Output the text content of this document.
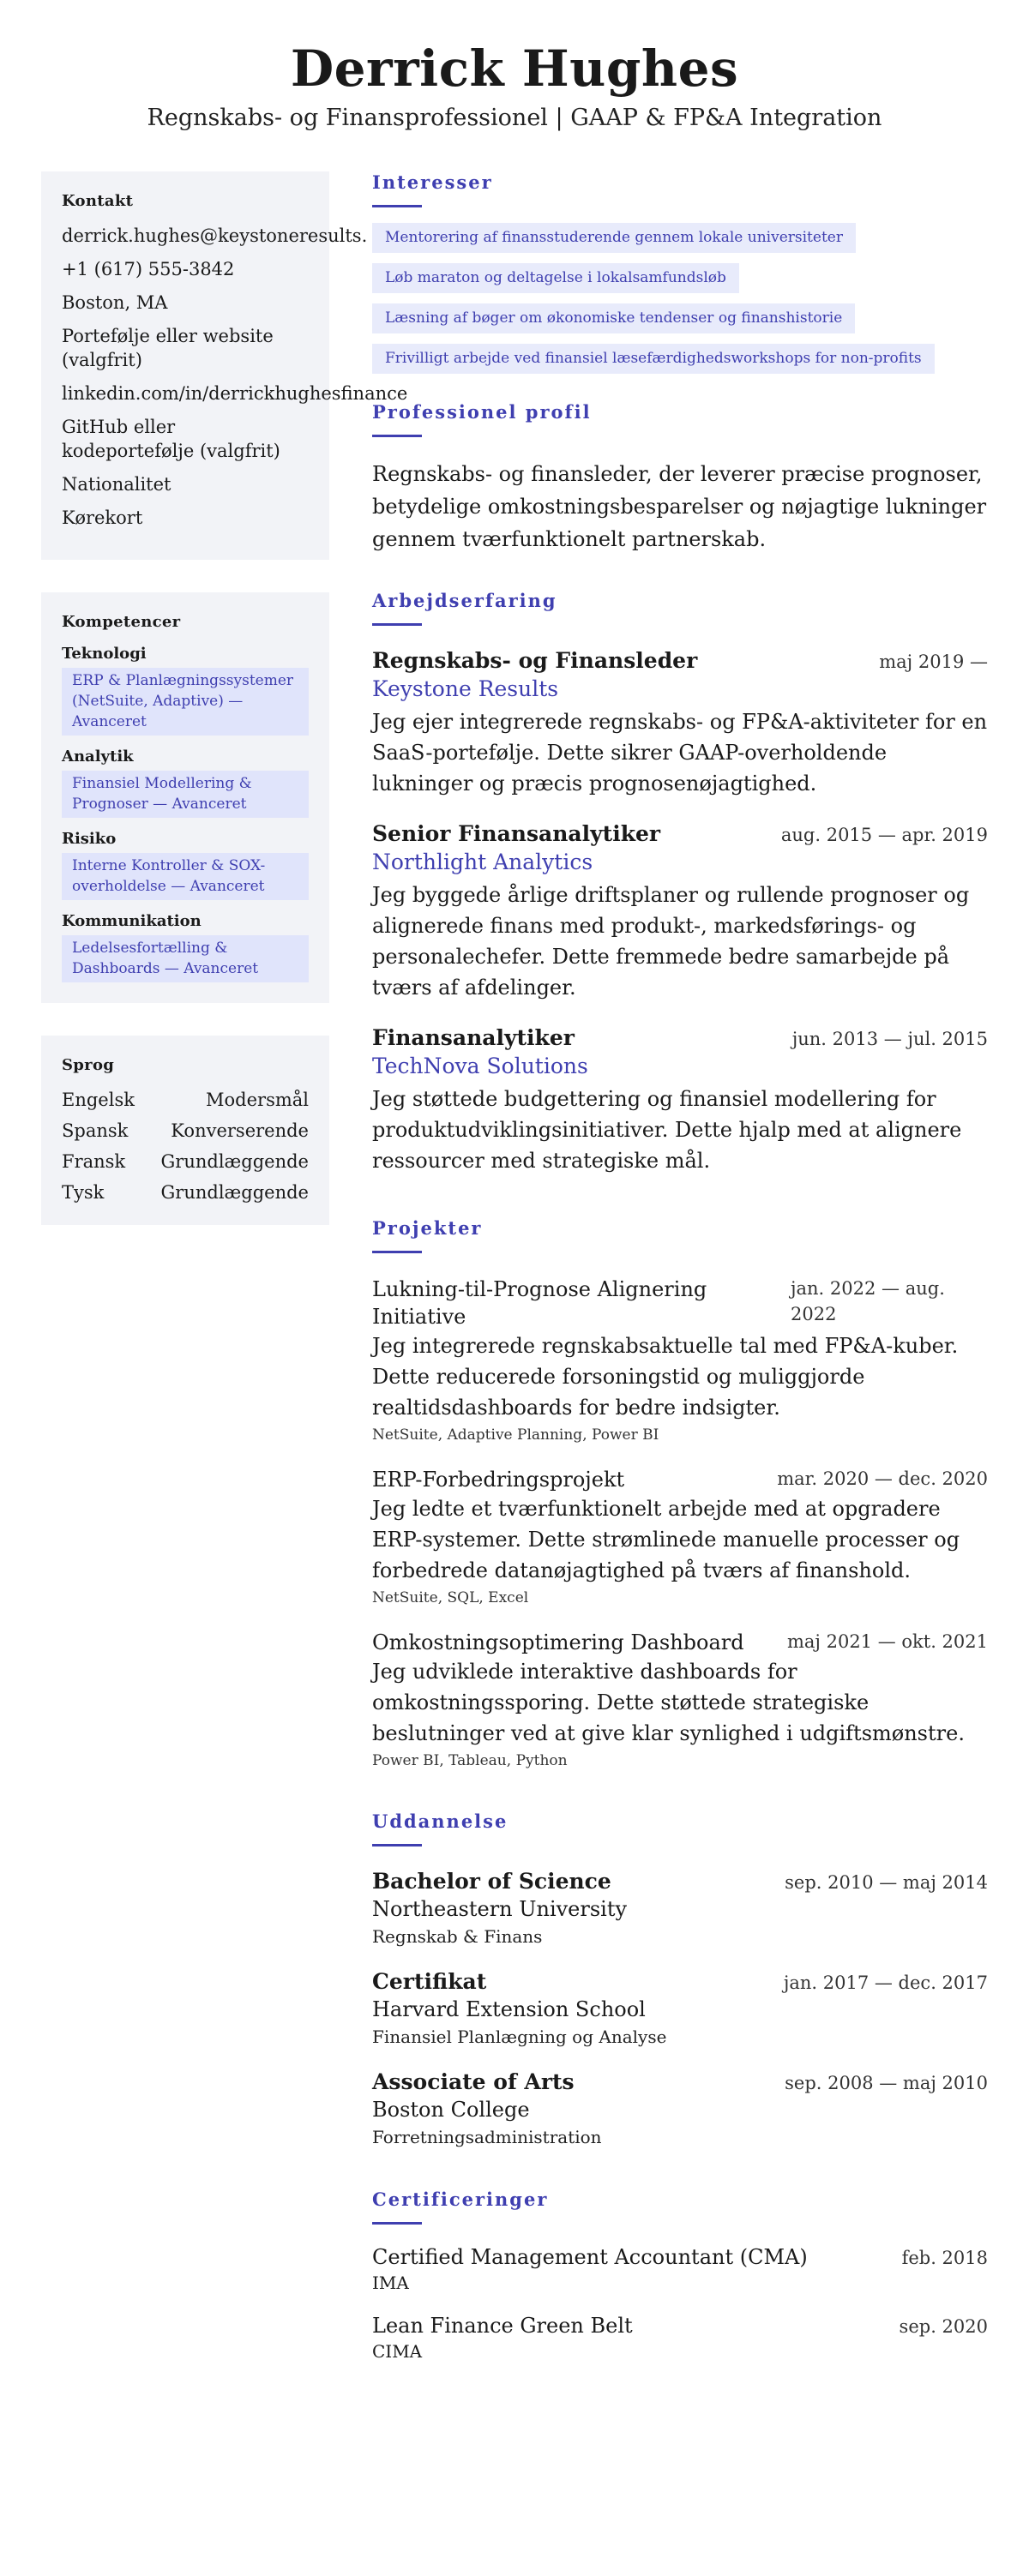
Derrick Hughes
Regnskabs- og Finansprofessionel | GAAP & FP&A Integration
Kontakt
derrick.hughes@keystoneresults.
+1 (617) 555-3842
Boston, MA
Portefølje eller website (valgfrit)
linkedin.com/in/derrickhughesfinance
GitHub eller kodeportefølje (valgfrit)
Nationalitet
Kørekort
Kompetencer
Teknologi
ERP & Planlægningssystemer (NetSuite, Adaptive) — Avanceret
Analytik
Finansiel Modellering & Prognoser — Avanceret
Risiko
Interne Kontroller & SOX-overholdelse — Avanceret
Kommunikation
Ledelsesfortælling & Dashboards — Avanceret
Sprog
Engelsk	Modersmål
Spansk Konverserende
Fransk Grundlæggende
Tysk	Grundlæggende
Interesser
Mentorering af finansstuderende gennem lokale universiteter
Løb maraton og deltagelse i lokalsamfundsløb
Læsning af bøger om økonomiske tendenser og finanshistorie
Frivilligt arbejde ved finansiel læsefærdighedsworkshops for non-profits
Professionel profil
Regnskabs- og finansleder, der leverer præcise prognoser, betydelige omkostningsbesparelser og nøjagtige lukninger gennem tværfunktionelt partnerskab.
Arbejdserfaring
Regnskabs- og Finansleder	maj 2019 —
Keystone Results
Jeg ejer integrerede regnskabs- og FP&A-aktiviteter for en SaaS-portefølje. Dette sikrer GAAP-overholdende lukninger og præcis prognosenøjagtighed.
Senior Finansanalytiker	aug. 2015 — apr. 2019
Northlight Analytics
Jeg byggede årlige driftsplaner og rullende prognoser og alignerede finans med produkt-, markedsførings- og personalechefer. Dette fremmede bedre samarbejde på tværs af afdelinger.
Finansanalytiker	jun. 2013 — jul. 2015
TechNova Solutions
Jeg støttede budgettering og finansiel modellering for produktudviklingsinitiativer. Dette hjalp med at alignere ressourcer med strategiske mål.
Projekter
Lukning-til-Prognose Alignering Initiative
jan. 2022 — aug. 2022
Jeg integrerede regnskabsaktuelle tal med FP&A-kuber. Dette reducerede forsoningstid og muliggjorde realtidsdashboards for bedre indsigter.
NetSuite, Adaptive Planning, Power BI
ERP-Forbedringsprojekt	mar. 2020 — dec. 2020
Jeg ledte et tværfunktionelt arbejde med at opgradere ERP-systemer. Dette strømlinede manuelle processer og forbedrede datanøjagtighed på tværs af finanshold.
NetSuite, SQL, Excel
Omkostningsoptimering Dashboard maj 2021 — okt. 2021
Jeg udviklede interaktive dashboards for omkostningssporing. Dette støttede strategiske beslutninger ved at give klar synlighed i udgiftsmønstre.
Power BI, Tableau, Python
Uddannelse
Bachelor of Science	sep. 2010 — maj 2014
Northeastern University
Regnskab & Finans
Certifikat	jan. 2017 — dec. 2017
Harvard Extension School
Finansiel Planlægning og Analyse
Associate of Arts	sep. 2008 — maj 2010
Boston College
Forretningsadministration
Certificeringer
Certified Management Accountant (CMA)	feb. 2018
IMA
Lean Finance Green Belt	sep. 2020
CIMA
